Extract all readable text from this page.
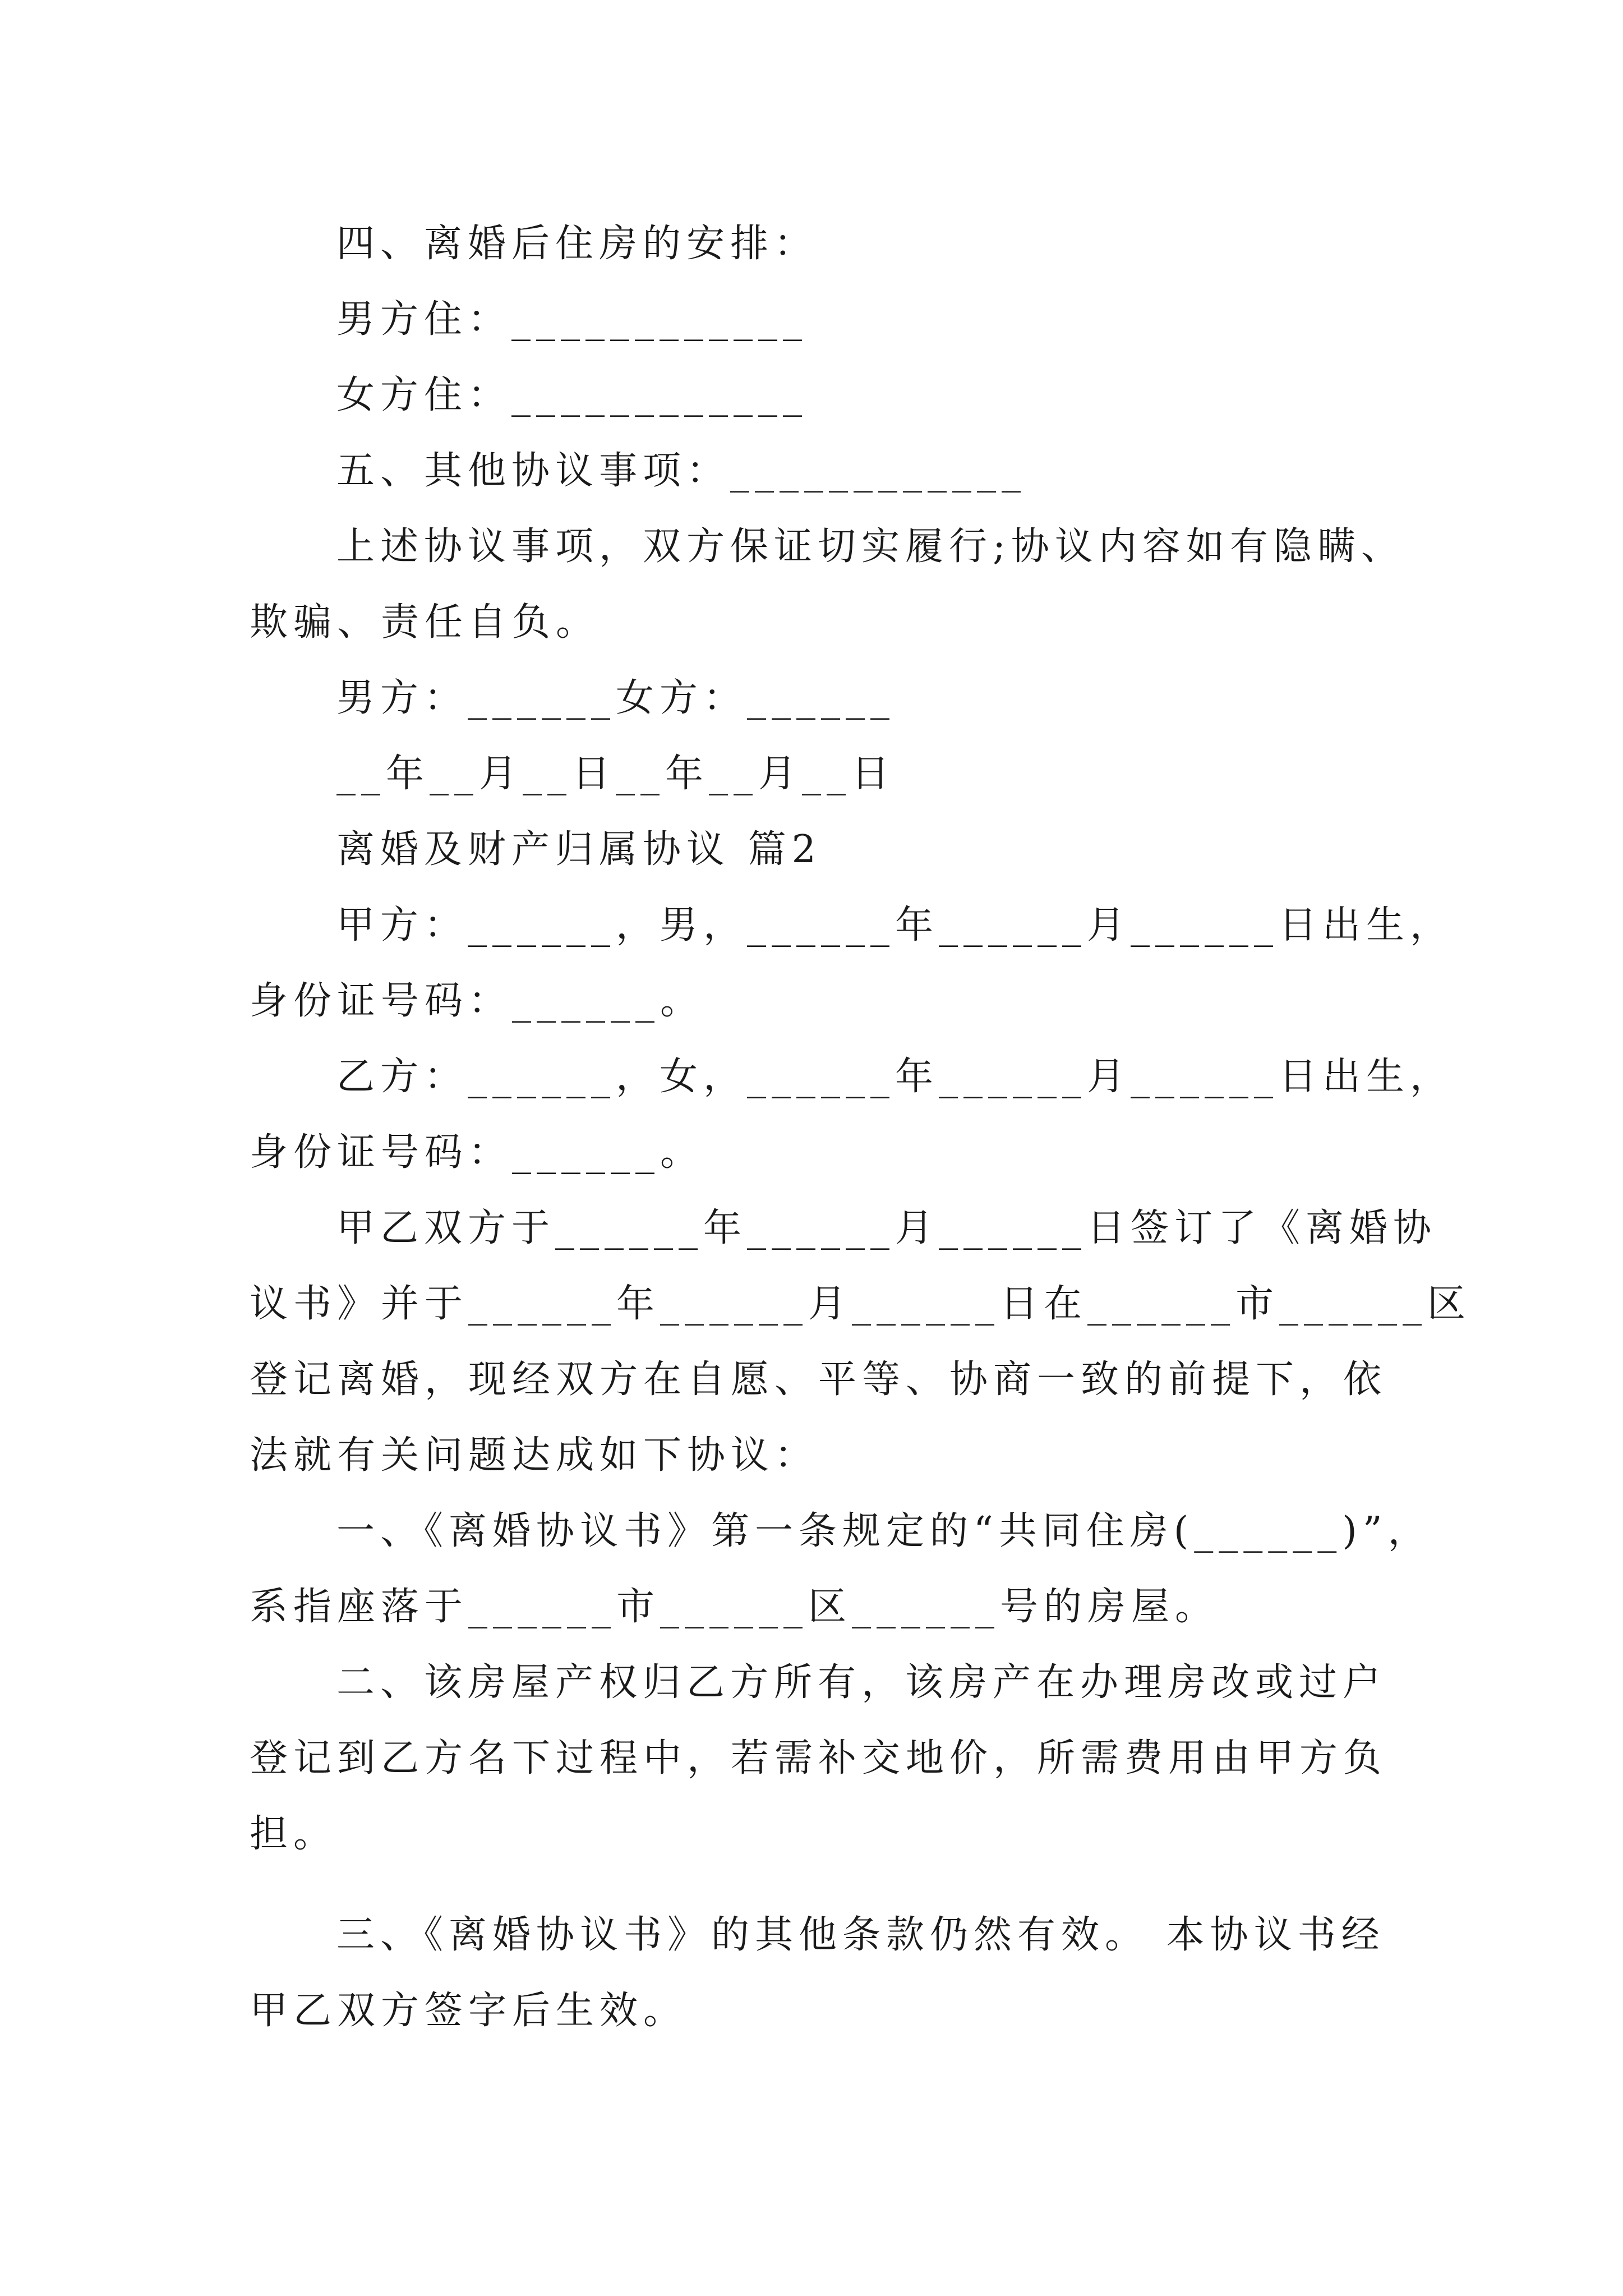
四、离婚后住房的安排：
男方住：____________
女方住：____________
五、其他协议事项：____________
上述协议事项，双方保证切实履行;协议内容如有隐瞒、
欺骗、责任自负。
男方：______女方：______
__年__月__日__年__月__日
离婚及财产归属协议 篇2
甲方：______，男，______年______月______日出生，
身份证号码：______。
乙方：______，女，______年______月______日出生，
身份证号码：______。
甲乙双方于______年______月______日签订了《离婚协
议书》并于______年______月______日在______市______区
登记离婚，现经双方在自愿、平等、协商一致的前提下，依
法就有关问题达成如下协议：
一、《离婚协议书》第一条规定的“共同住房(______)”，
系指座落于______市______区______号的房屋。
二、该房屋产权归乙方所有，该房产在办理房改或过户
登记到乙方名下过程中，若需补交地价，所需费用由甲方负
担。
三、《离婚协议书》的其他条款仍然有效。 本协议书经
甲乙双方签字后生效。
